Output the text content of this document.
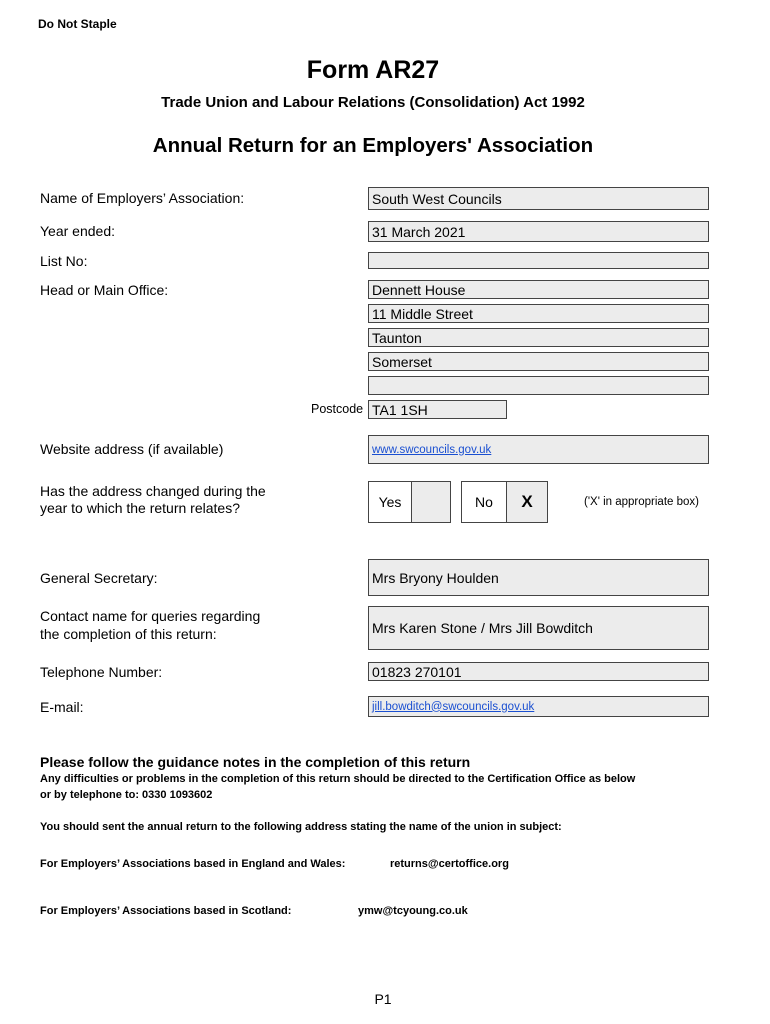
Do Not Staple
Form AR27
Trade Union and Labour Relations (Consolidation) Act 1992
Annual Return for an Employers' Association
Name of Employers’ Association:	South West Councils
Year ended:	31 March 2021
List No:
Head or Main Office:	Dennett House
11 Middle Street
Taunton
Somerset
Postcode TA1 1SH
Website address (if available)	www.swcouncils.gov.uk
Has the address changed during the
year to which the return relates?	Yes	No	X	('X' in appropriate box)
General Secretary:	Mrs Bryony Houlden
Contact name for queries regarding
the completion of this return:	Mrs Karen Stone / Mrs Jill Bowditch
Telephone Number:	01823 270101
E-mail:	jill.bowditch@swcouncils.gov.uk
Please follow the guidance notes in the completion of this return
Any difficulties or problems in the completion of this return should be directed to the Certification Office as below
or by telephone to: 0330 1093602
You should sent the annual return to the following address stating the name of the union in subject:
For Employers’ Associations based in England and Wales:	returns@certoffice.org
For Employers’ Associations based in Scotland:	ymw@tcyoung.co.uk
P1
